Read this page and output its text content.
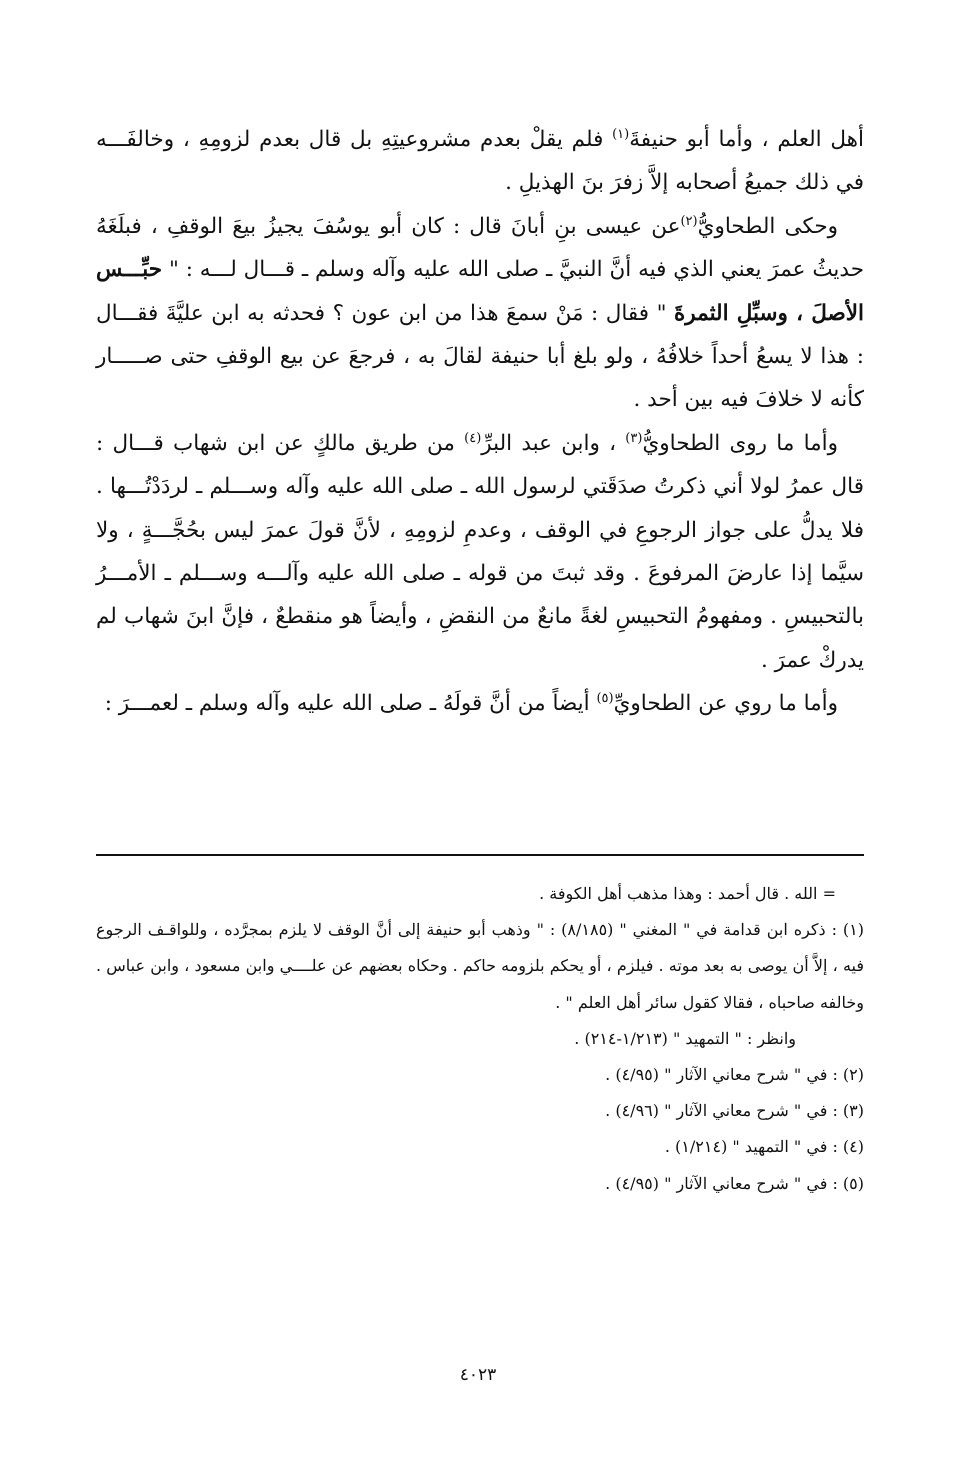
أهل العلم ، وأما أبو حنيفةَ$^{(١)}$ فلم يقلْ بعدم مشروعيتِهِ بل قال بعدم لزومِهِ ، وخالفَـــه في ذلك جميعُ أصحابه إلاَّ زفرَ بنَ الهذيلِ .

وحكى الطحاويُّ$^{(٢)}$عن عيسى بنِ أبانَ قال : كان أبو يوسُفَ يجيزُ بيعَ الوقفِ ، فبلَغَهُ حديثُ عمرَ يعني الذي فيه أنَّ النبيَّ ـ صلى الله عليه وآله وسلم ـ قـــال لـــه : " حبِّـــس الأصلَ ، وسبِّلِ الثمرةَ " فقال : مَنْ سمعَ هذا من ابن عون ؟ فحدثه به ابن عليَّةَ فقـــال : هذا لا يسعُ أحداً خلافُهُ ، ولو بلغ أبا حنيفة لقالَ به ، فرجعَ عن بيع الوقفِ حتى صـــــار كأنه لا خلافَ فيه بين أحد .

وأما ما روى الطحاويُّ$^{(٣)}$ ، وابن عبد البرِّ$^{(٤)}$ من طريق مالكٍ عن ابن شهاب قـــال : قال عمرُ لولا أني ذكرتُ صدَقَتي لرسول الله ـ صلى الله عليه وآله وســـلم ـ لردَدْتُـــها . فلا يدلُّ على جواز الرجوعِ في الوقف ، وعدمِ لزومِهِ ، لأنَّ قولَ عمرَ ليس بحُجَّـــةٍ ، ولا سيَّما إذا عارضَ المرفوعَ . وقد ثبتَ من قوله ـ صلى الله عليه وآلـــه وســـلم ـ الأمـــرُ بالتحبيسِ . ومفهومُ التحبيسِ لغةً مانعٌ من النقضِ ، وأيضاً هو منقطعٌ ، فإنَّ ابنَ شهاب لم يدركْ عمرَ .

وأما ما روي عن الطحاويِّ$^{(٥)}$ أيضاً من أنَّ قولَهُ ـ صلى الله عليه وآله وسلم ـ لعمـــرَ :

= الله . قال أحمد : وهذا مذهب أهل الكوفة .

(١) : ذكره ابن قدامة في " المغني " (٨/١٨٥) : " وذهب أبو حنيفة إلى أنَّ الوقف لا يلزم بمجرَّده ، وللواقـف الرجوع فيه ، إلاَّ أن يوصى به بعد موته . فيلزم ، أو يحكم بلزومه حاكم . وحكاه بعضهم عن علــــي وابن مسعود ، وابن عباس . وخالفه صاحباه ، فقالا كقول سائر أهل العلم " .

وانظر : " التمهيد " (١/٢١٣-٢١٤) .

(٢) : في " شرح معاني الآثار " (٤/٩٥) .

(٣) : في " شرح معاني الآثار " (٤/٩٦) .

(٤) : في " التمهيد " (١/٢١٤) .

(٥) : في " شرح معاني الآثار " (٤/٩٥) .

٤٠٢٣
